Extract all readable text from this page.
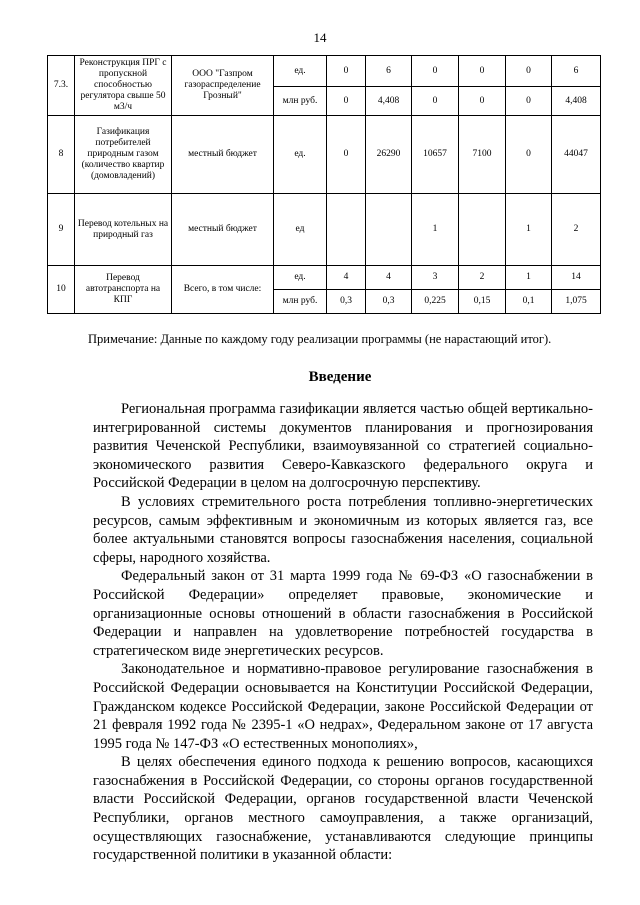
14
7.3.	Реконструкция ПРГ с пропускной способностью регулятора свыше 50 м3/ч	ООО "Газпром газораспределение Грозный"	ед.	0	6	0	0	0	6
			млн руб.	0	4,408	0	0	0	4,408
8	Газификация потребителей природным газом (количество квартир (домовладений)	местный бюджет	ед.	0	26290	10657	7100	0	44047
9	Перевод котельных на природный газ	местный бюджет	ед			1		1	2
10	Перевод автотранспорта на КПГ	Всего, в том числе:	ед.	4	4	3	2	1	14
			млн руб.	0,3	0,3	0,225	0,15	0,1	1,075
Примечание: Данные по каждому году реализации программы (не нарастающий итог).
Введение

Региональная программа газификации является частью общей вертикально-интегрированной системы документов планирования и прогнозирования развития Чеченской Республики, взаимоувязанной со стратегией социально-экономического развития Северо-Кавказского федерального округа и Российской Федерации в целом на долгосрочную перспективу.

В условиях стремительного роста потребления топливно-энергетических ресурсов, самым эффективным и экономичным из которых является газ, все более актуальными становятся вопросы газоснабжения населения, социальной сферы, народного хозяйства.

Федеральный закон от 31 марта 1999 года № 69-ФЗ «О газоснабжении в Российской Федерации» определяет правовые, экономические и организационные основы отношений в области газоснабжения в Российской Федерации и направлен на удовлетворение потребностей государства в стратегическом виде энергетических ресурсов.

Законодательное и нормативно-правовое регулирование газоснабжения в Российской Федерации основывается на Конституции Российской Федерации, Гражданском кодексе Российской Федерации, законе Российской Федерации от 21 февраля 1992 года № 2395-1 «О недрах», Федеральном законе от 17 августа 1995 года № 147-ФЗ «О естественных монополиях»,

В целях обеспечения единого подхода к решению вопросов, касающихся газоснабжения в Российской Федерации, со стороны органов государственной власти Российской Федерации, органов государственной власти Чеченской Республики, органов местного самоуправления, а также организаций, осуществляющих газоснабжение, устанавливаются следующие принципы государственной политики в указанной области:
